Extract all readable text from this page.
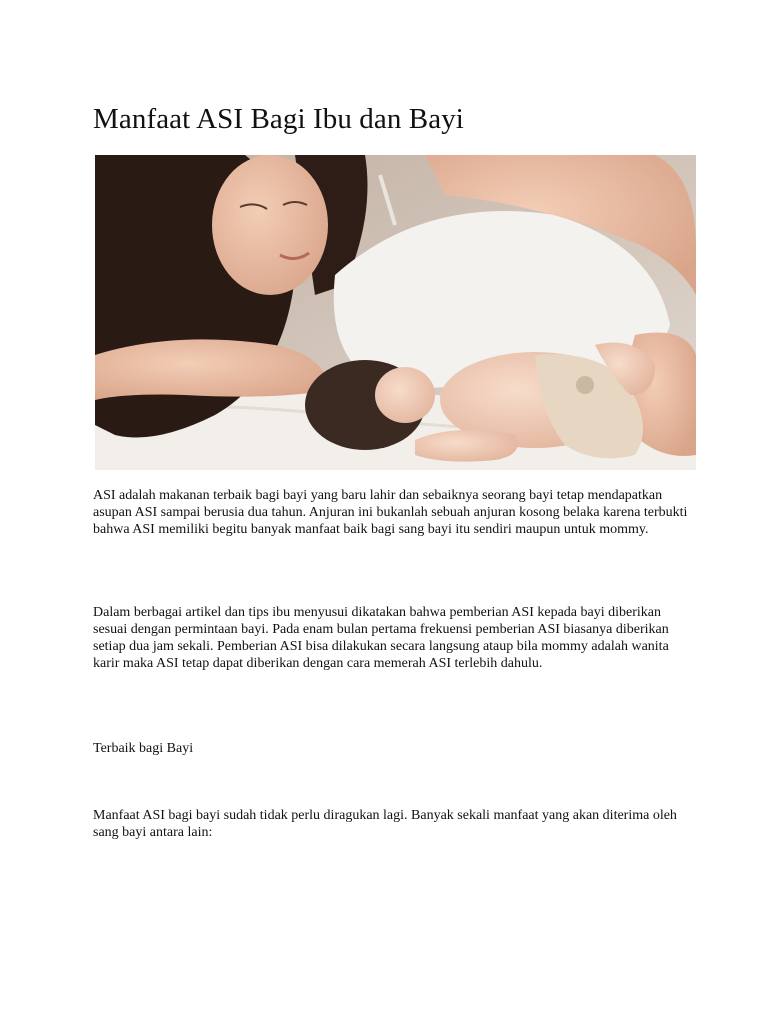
Manfaat ASI Bagi Ibu dan Bayi

ASI adalah makanan terbaik bagi bayi yang baru lahir dan sebaiknya seorang bayi tetap mendapatkan asupan ASI sampai berusia dua tahun. Anjuran ini bukanlah sebuah anjuran kosong belaka karena terbukti bahwa ASI memiliki begitu banyak manfaat baik bagi sang bayi itu sendiri maupun untuk mommy.

Dalam berbagai artikel dan tips ibu menyusui dikatakan bahwa pemberian ASI kepada bayi diberikan sesuai dengan permintaan bayi. Pada enam bulan pertama frekuensi pemberian ASI biasanya diberikan setiap dua jam sekali. Pemberian ASI bisa dilakukan secara langsung ataup bila mommy adalah wanita karir maka ASI tetap dapat diberikan dengan cara memerah ASI terlebih dahulu.

Terbaik bagi Bayi

Manfaat ASI bagi bayi sudah tidak perlu diragukan lagi. Banyak sekali manfaat yang akan diterima oleh sang bayi antara lain:
